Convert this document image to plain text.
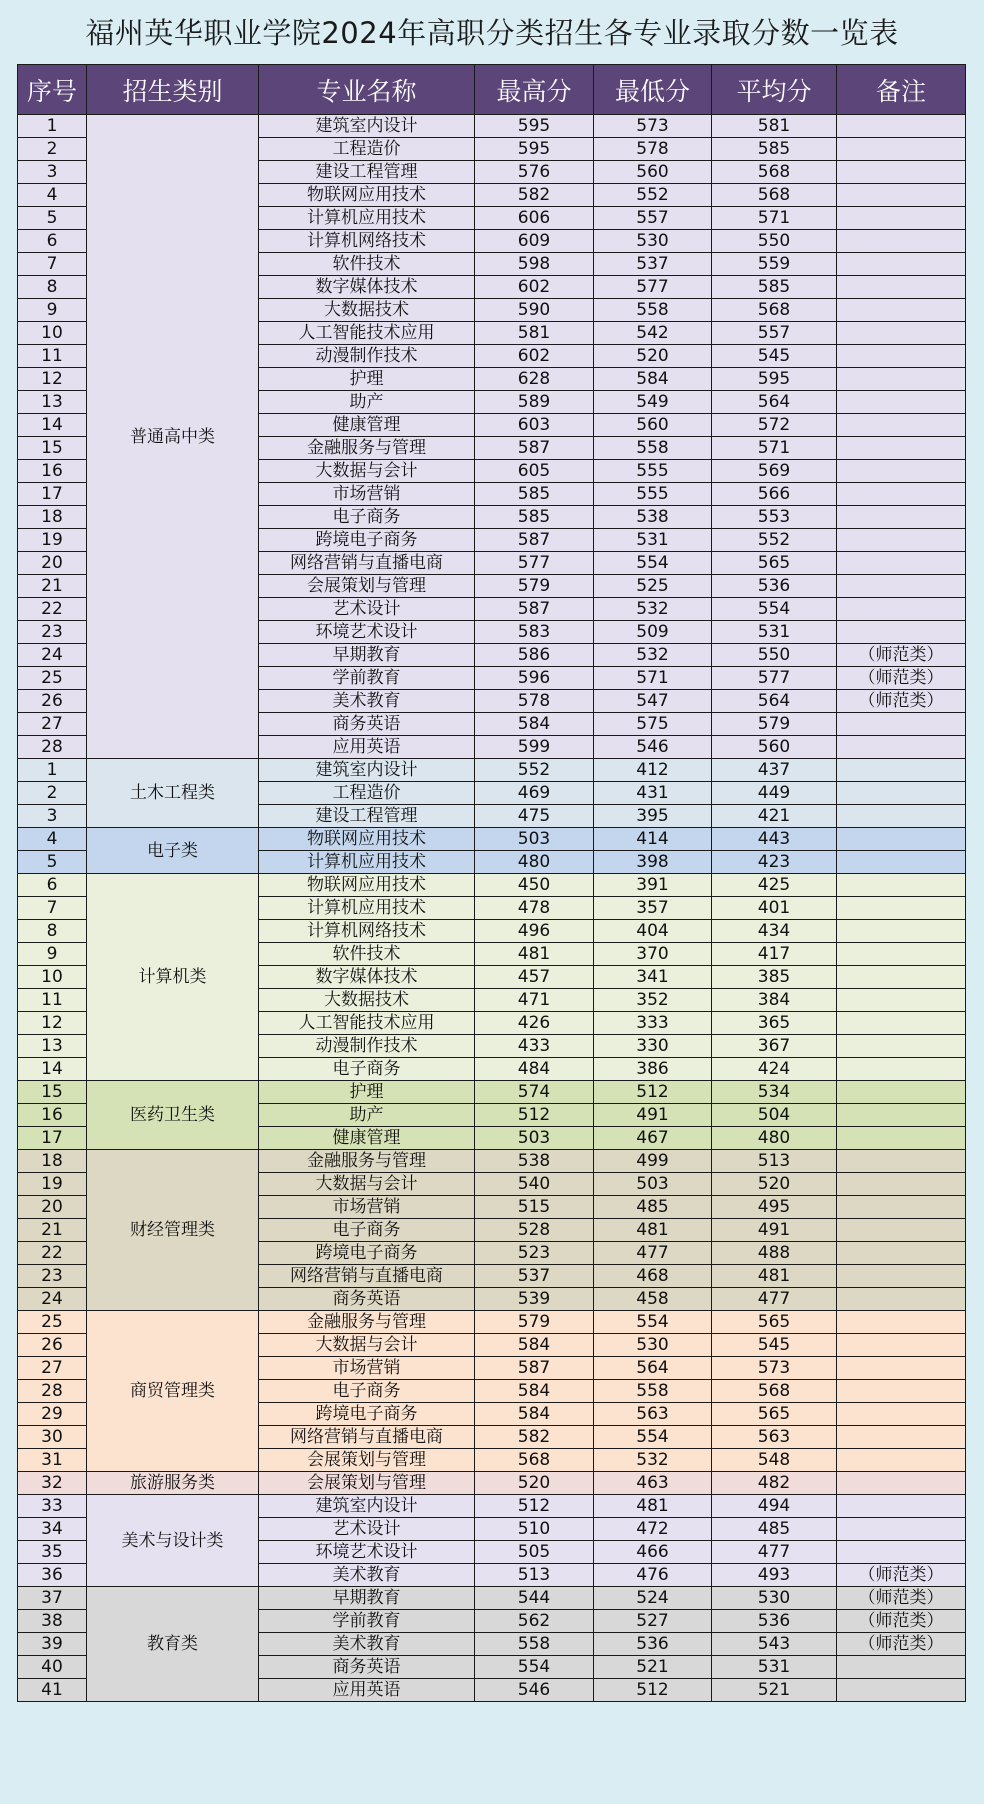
福州英华职业学院2024年高职分类招生各专业录取分数一览表
序号	招生类别	专业名称	最高分	最低分	平均分	备注
1	普通高中类	建筑室内设计	595	573	581	
2		工程造价	595	578	585	
3		建设工程管理	576	560	568	
4		物联网应用技术	582	552	568	
5		计算机应用技术	606	557	571	
6		计算机网络技术	609	530	550	
7		软件技术	598	537	559	
8		数字媒体技术	602	577	585	
9		大数据技术	590	558	568	
10		人工智能技术应用	581	542	557	
11		动漫制作技术	602	520	545	
12		护理	628	584	595	
13		助产	589	549	564	
14		健康管理	603	560	572	
15		金融服务与管理	587	558	571	
16		大数据与会计	605	555	569	
17		市场营销	585	555	566	
18		电子商务	585	538	553	
19		跨境电子商务	587	531	552	
20		网络营销与直播电商	577	554	565	
21		会展策划与管理	579	525	536	
22		艺术设计	587	532	554	
23		环境艺术设计	583	509	531	
24		早期教育	586	532	550	（师范类）
25		学前教育	596	571	577	（师范类）
26		美术教育	578	547	564	（师范类）
27		商务英语	584	575	579	
28		应用英语	599	546	560	
1	土木工程类	建筑室内设计	552	412	437	
2		工程造价	469	431	449	
3		建设工程管理	475	395	421	
4	电子类	物联网应用技术	503	414	443	
5		计算机应用技术	480	398	423	
6	计算机类	物联网应用技术	450	391	425	
7		计算机应用技术	478	357	401	
8		计算机网络技术	496	404	434	
9		软件技术	481	370	417	
10		数字媒体技术	457	341	385	
11		大数据技术	471	352	384	
12		人工智能技术应用	426	333	365	
13		动漫制作技术	433	330	367	
14		电子商务	484	386	424	
15	医药卫生类	护理	574	512	534	
16		助产	512	491	504	
17		健康管理	503	467	480	
18	财经管理类	金融服务与管理	538	499	513	
19		大数据与会计	540	503	520	
20		市场营销	515	485	495	
21		电子商务	528	481	491	
22		跨境电子商务	523	477	488	
23		网络营销与直播电商	537	468	481	
24		商务英语	539	458	477	
25	商贸管理类	金融服务与管理	579	554	565	
26		大数据与会计	584	530	545	
27		市场营销	587	564	573	
28		电子商务	584	558	568	
29		跨境电子商务	584	563	565	
30		网络营销与直播电商	582	554	563	
31		会展策划与管理	568	532	548	
32	旅游服务类	会展策划与管理	520	463	482	
33	美术与设计类	建筑室内设计	512	481	494	
34		艺术设计	510	472	485	
35		环境艺术设计	505	466	477	
36		美术教育	513	476	493	（师范类）
37	教育类	早期教育	544	524	530	（师范类）
38		学前教育	562	527	536	（师范类）
39		美术教育	558	536	543	（师范类）
40		商务英语	554	521	531	
41		应用英语	546	512	521	
